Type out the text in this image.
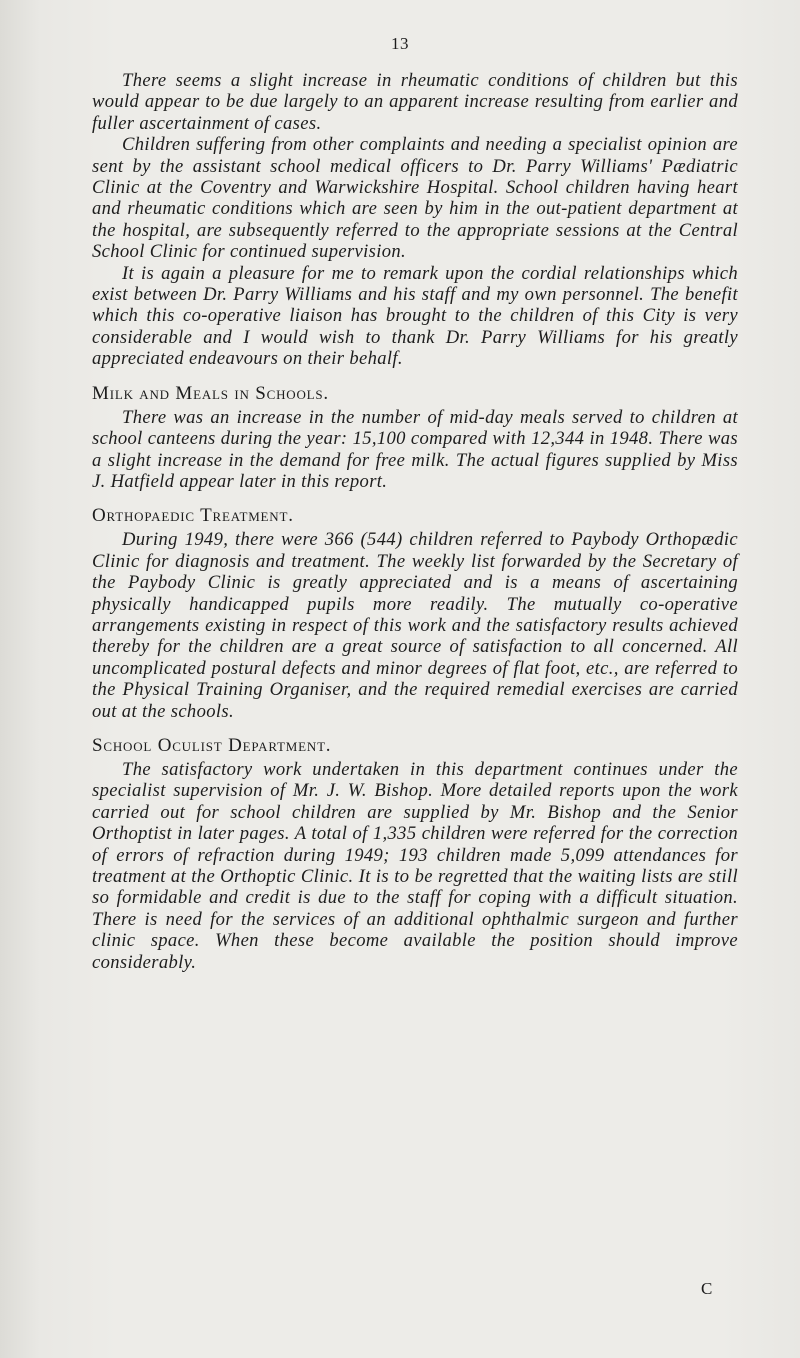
13

There seems a slight increase in rheumatic conditions of children but this would appear to be due largely to an apparent increase resulting from earlier and fuller ascertainment of cases.

Children suffering from other complaints and needing a specialist opinion are sent by the assistant school medical officers to Dr. Parry Williams' Pædiatric Clinic at the Coventry and Warwickshire Hospital. School children having heart and rheumatic conditions which are seen by him in the out-patient department at the hospital, are subsequently referred to the appropriate sessions at the Central School Clinic for continued supervision.

It is again a pleasure for me to remark upon the cordial relationships which exist between Dr. Parry Williams and his staff and my own personnel. The benefit which this co-operative liaison has brought to the children of this City is very considerable and I would wish to thank Dr. Parry Williams for his greatly appreciated endeavours on their behalf.

Milk and Meals in Schools.

There was an increase in the number of mid-day meals served to children at school canteens during the year: 15,100 compared with 12,344 in 1948. There was a slight increase in the demand for free milk. The actual figures supplied by Miss J. Hatfield appear later in this report.

Orthopaedic Treatment.

During 1949, there were 366 (544) children referred to Paybody Orthopædic Clinic for diagnosis and treatment. The weekly list forwarded by the Secretary of the Paybody Clinic is greatly appreciated and is a means of ascertaining physically handicapped pupils more readily. The mutually co-operative arrangements existing in respect of this work and the satisfactory results achieved thereby for the children are a great source of satisfaction to all concerned. All uncomplicated postural defects and minor degrees of flat foot, etc., are referred to the Physical Training Organiser, and the required remedial exercises are carried out at the schools.

School Oculist Department.

The satisfactory work undertaken in this department continues under the specialist supervision of Mr. J. W. Bishop. More detailed reports upon the work carried out for school children are supplied by Mr. Bishop and the Senior Orthoptist in later pages. A total of 1,335 children were referred for the correction of errors of refraction during 1949; 193 children made 5,099 attendances for treatment at the Orthoptic Clinic. It is to be regretted that the waiting lists are still so formidable and credit is due to the staff for coping with a difficult situation. There is need for the services of an additional ophthalmic surgeon and further clinic space. When these become available the position should improve considerably.

C
